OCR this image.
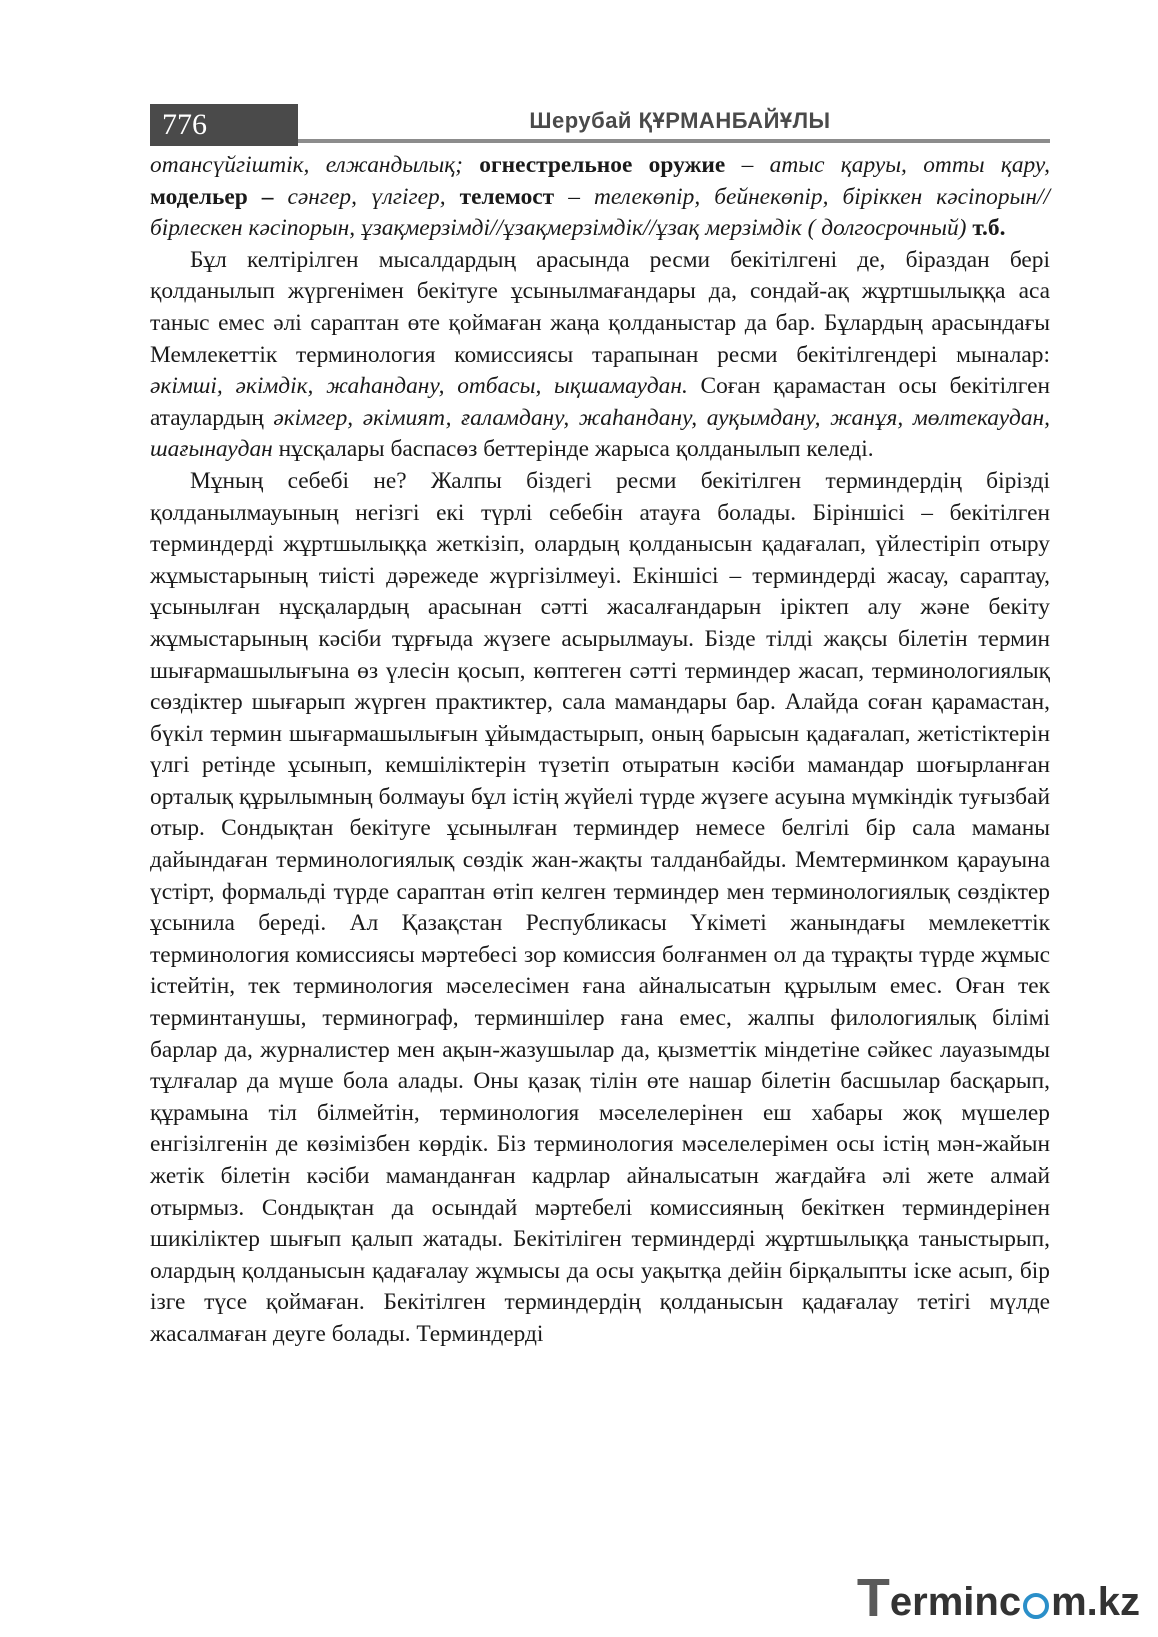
776	Шерубай ҚҰРМАНБАЙҰЛЫ

отансүйгіштік, елжандылық; огнестрельное оружие – атыс қаруы, отты қару, модельер – сәнгер, үлгігер, телемост – телекөпір, бейнекөпір, біріккен кәсіпорын//бірлескен кәсіпорын, ұзақмерзімді//ұзақмерзімдік//ұзақ мерзімдік ( долгосрочный) т.б.

Бұл келтірілген мысалдардың арасында ресми бекітілгені де, біраздан бері қолданылып жүргенімен бекітуге ұсынылмағандары да, сондай-ақ жұртшылыққа аса таныс емес әлі сараптан өте қоймаған жаңа қолданыстар да бар. Бұлардың арасындағы Мемлекеттік терминология комиссиясы тарапынан ресми бекітілгендері мыналар: әкімші, әкімдік, жаһандану, отбасы, ықшамаудан. Соған қарамастан осы бекітілген атаулардың әкімгер, әкімият, ғаламдану, жаһандану, ауқымдану, жанұя, мөлтекаудан, шағынаудан нұсқалары баспасөз беттерінде жарыса қолданылып келеді.

Мұның себебі не? Жалпы біздегі ресми бекітілген терминдердің бірізді қолданылмауының негізгі екі түрлі себебін атауға болады. Біріншісі – бекітілген терминдерді жұртшылыққа жеткізіп, олардың қолданысын қадағалап, үйлестіріп отыру жұмыстарының тиісті дәрежеде жүргізілмеуі. Екіншісі – терминдерді жасау, сараптау, ұсынылған нұсқалардың арасынан сәтті жасалғандарын іріктеп алу және бекіту жұмыстарының кәсіби тұрғыда жүзеге асырылмауы. Бізде тілді жақсы білетін термин шығармашылығына өз үлесін қосып, көптеген сәтті терминдер жасап, терминологиялық сөздіктер шығарып жүрген практиктер, сала мамандары бар. Алайда соған қарамастан, бүкіл термин шығармашылығын ұйымдастырып, оның барысын қадағалап, жетістіктерін үлгі ретінде ұсынып, кемшіліктерін түзетіп отыратын кәсіби мамандар шоғырланған орталық құрылымның болмауы бұл істің жүйелі түрде жүзеге асуына мүмкіндік туғызбай отыр. Сондықтан бекітуге ұсынылған терминдер немесе белгілі бір сала маманы дайындаған терминологиялық сөздік жан-жақты талданбайды. Мемтерминком қарауына үстірт, формальді түрде сараптан өтіп келген терминдер мен терминологиялық сөздіктер ұсынила береді. Ал Қазақстан Республикасы Үкіметі жанындағы мемлекеттік терминология комиссиясы мәртебесі зор комиссия болғанмен ол да тұрақты түрде жұмыс істейтін, тек терминология мәселесімен ғана айналысатын құрылым емес. Оған тек терминтанушы, терминограф, терминшілер ғана емес, жалпы филологиялық білімі барлар да, журналистер мен ақын-жазушылар да, қызметтік міндетіне сәйкес лауазымды тұлғалар да мүше бола алады. Оны қазақ тілін өте нашар білетін басшылар басқарып, құрамына тіл білмейтін, терминология мәселелерінен еш хабары жоқ мүшелер енгізілгенін де көзімізбен көрдік. Біз терминология мәселелерімен осы істің мән-жайын жетік білетін кәсіби маманданған кадрлар айналысатын жағдайға әлі жете алмай отырмыз. Сондықтан да осындай мәртебелі комиссияның бекіткен терминдерінен шикіліктер шығып қалып жатады. Бекітіліген терминдерді жұртшылыққа таныстырып, олардың қолданысын қадағалау жұмысы да осы уақытқа дейін бірқалыпты іске асып, бір ізге түсе қоймаған. Бекітілген терминдердің қолданысын қадағалау тетігі мүлде жасалмаған деуге болады. Терминдерді

T erminc m.kz
